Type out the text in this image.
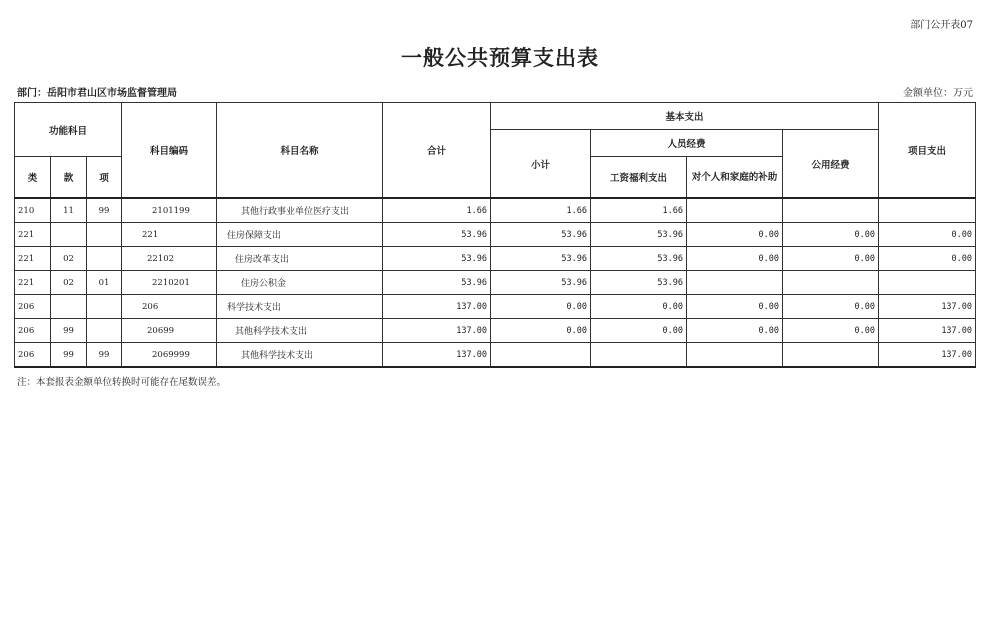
部门公开表07
一般公共预算支出表
部门：岳阳市君山区市场监督管理局	金额单位：万元
功能科目			科目编码	科目名称	合计	基本支出				项目支出
						小计	人员经费		公用经费	
类	款	项					工资福利支出	对个人和家庭的补助		
210	11	99	2101199	其他行政事业单位医疗支出	1.66	1.66	1.66			
221			221	住房保障支出	53.96	53.96	53.96	0.00	0.00	0.00
221	02		22102	住房改革支出	53.96	53.96	53.96	0.00	0.00	0.00
221	02	01	2210201	住房公积金	53.96	53.96	53.96			
206			206	科学技术支出	137.00	0.00	0.00	0.00	0.00	137.00
206	99		20699	其他科学技术支出	137.00	0.00	0.00	0.00	0.00	137.00
206	99	99	2069999	其他科学技术支出	137.00					137.00
注：本套报表金额单位转换时可能存在尾数误差。
